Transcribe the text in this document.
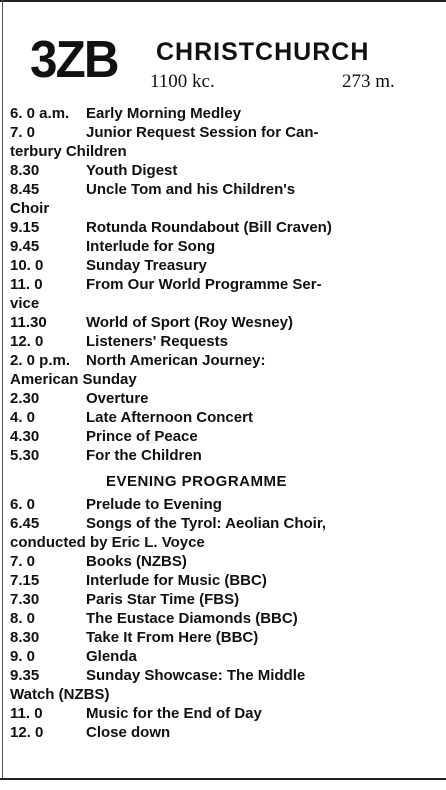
3ZB CHRISTCHURCH
1100 kc.	273 m.
6. 0 a.m. Early Morning Medley
7. 0	Junior Request Session for Can-
terbury Children
8.30	Youth Digest
8.45	Uncle Tom and his Children's
Choir
9.15	Rotunda Roundabout (Bill Craven)
9.45	Interlude for Song
10. 0	Sunday Treasury
11. 0	From Our World Programme Ser-
vice
11.30	World of Sport (Roy Wesney)
12. 0	Listeners' Requests
2. 0 p.m. North American Journey:
American Sunday
2.30	Overture
4. 0	Late Afternoon Concert
4.30	Prince of Peace
5.30	For the Children
EVENING PROGRAMME
6. 0	Prelude to Evening
6.45	Songs of the Tyrol: Aeolian Choir,
conducted by Eric L. Voyce
7. 0	Books (NZBS)
7.15	Interlude for Music (BBC)
7.30	Paris Star Time (FBS)
8. 0	The Eustace Diamonds (BBC)
8.30	Take It From Here (BBC)
9. 0	Glenda
9.35	Sunday Showcase: The Middle
Watch (NZBS)
11. 0	Music for the End of Day
12. 0	Close down
